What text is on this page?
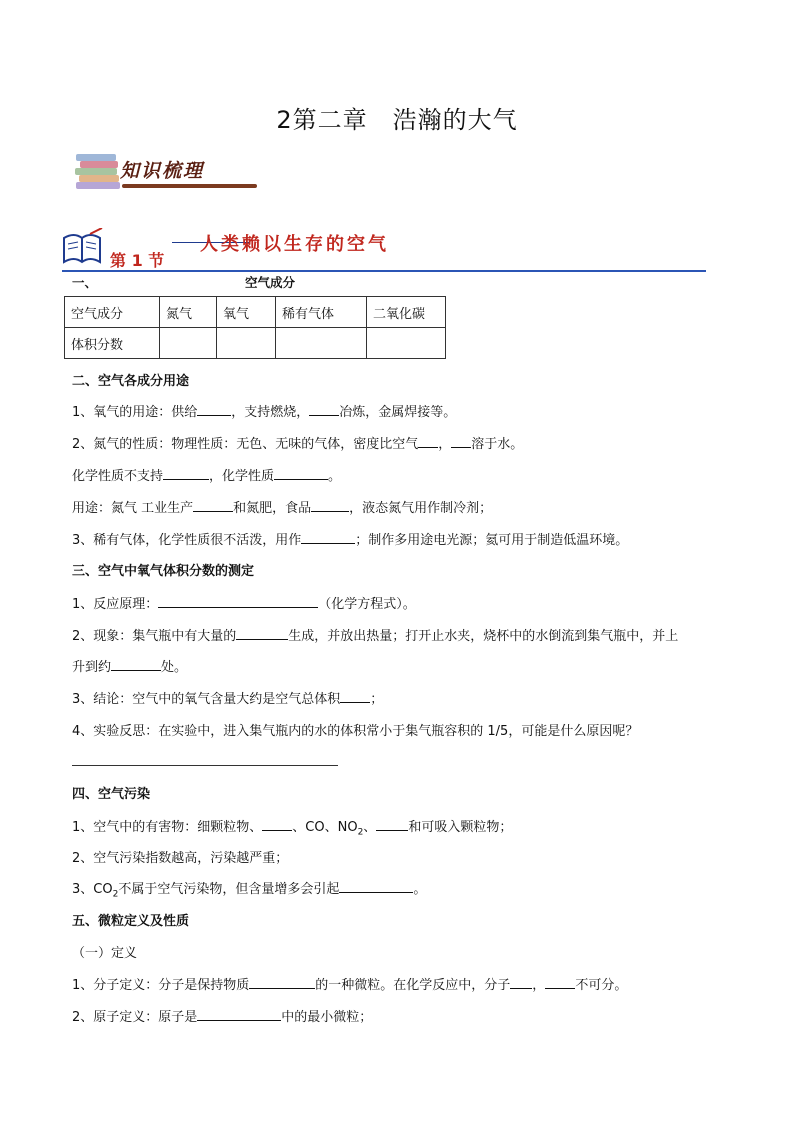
2第二章　浩瀚的大气
知识梳理
第 1 节
人类赖以生存的空气
一、	空气成分
空气成分	氮气	氧气	稀有气体	二氧化碳
体积分数				
二、空气各成分用途
1、氧气的用途：供给	，支持燃烧， 冶炼，金属焊接等。
2、氮气的性质：物理性质：无色、无味的气体，密度比空气 ， 溶于水。
化学性质不支持	，化学性质	。
用途：氮气 工业生产	和氮肥，食品	，液态氮气用作制冷剂；
3、稀有气体，化学性质很不活泼，用作	；制作多用途电光源；氦可用于制造低温环境。
三、空气中氧气体积分数的测定
1、反应原理：	（化学方程式）。
2、现象：集气瓶中有大量的	生成，并放出热量；打开止水夹，烧杯中的水倒流到集气瓶中，并上
升到约	处。
3、结论：空气中的氧气含量大约是空气总体积 ；
4、实验反思：在实验中，进入集气瓶内的水的体积常小于集气瓶容积的 1/5，可能是什么原因呢？
四、空气污染
1、空气中的有害物：细颗粒物、 、CO、$NO_2$、 和可吸入颗粒物；
2、空气污染指数越高，污染越严重；
3、$CO_2$不属于空气污染物，但含量增多会引起	。
五、微粒定义及性质
（一）定义
1、分子定义：分子是保持物质	的一种微粒。在化学反应中，分子 ， 不可分。
2、原子定义：原子是	中的最小微粒；
